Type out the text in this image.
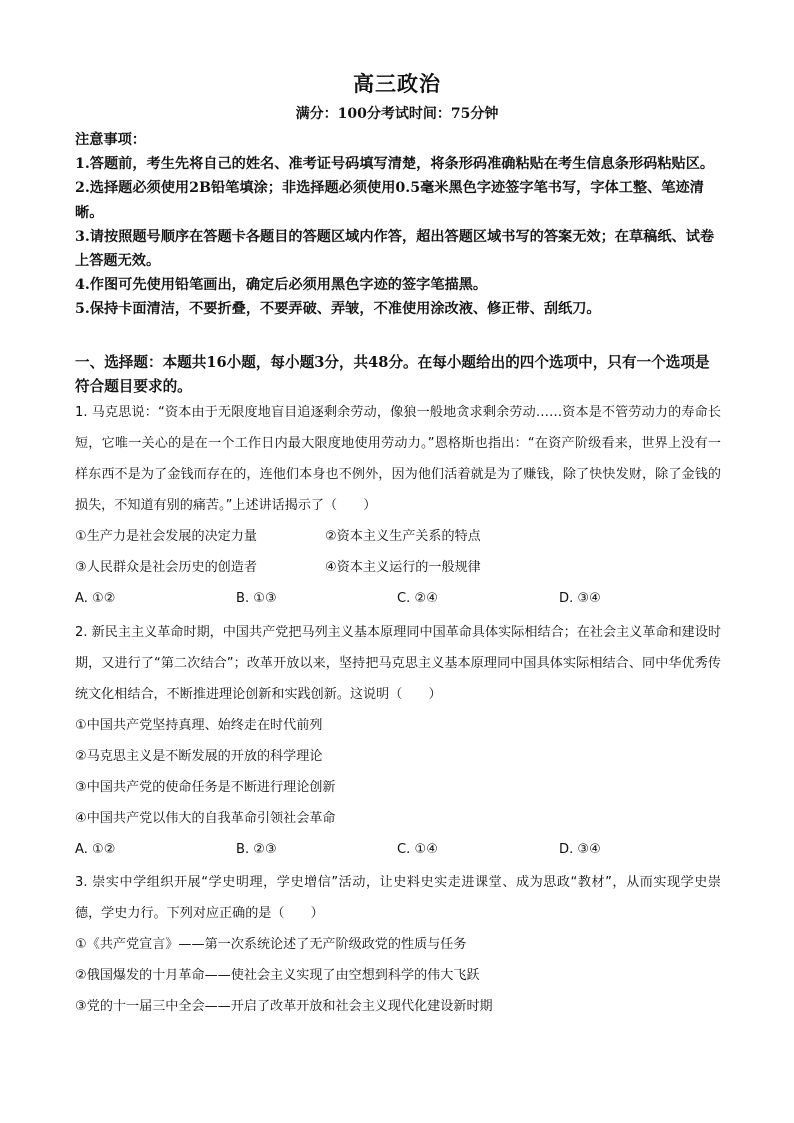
高三政治
满分：100分考试时间：75分钟

注意事项：

1.答题前，考生先将自己的姓名、准考证号码填写清楚，将条形码准确粘贴在考生信息条形码粘贴区。

2.选择题必须使用2B铅笔填涂；非选择题必须使用0.5毫米黑色字迹签字笔书写，字体工整、笔迹清晰。

3.请按照题号顺序在答题卡各题目的答题区域内作答，超出答题区域书写的答案无效；在草稿纸、试卷上答题无效。

4.作图可先使用铅笔画出，确定后必须用黑色字迹的签字笔描黑。

5.保持卡面清洁，不要折叠，不要弄破、弄皱，不准使用涂改液、修正带、刮纸刀。

一、选择题：本题共16小题，每小题3分，共48分。在每小题给出的四个选项中，只有一个选项是符合题目要求的。

1. 马克思说：“资本由于无限度地盲目追逐剩余劳动，像狼一般地贪求剩余劳动……资本是不管劳动力的寿命长短，它唯一关心的是在一个工作日内最大限度地使用劳动力。”恩格斯也指出：“在资产阶级看来，世界上没有一样东西不是为了金钱而存在的，连他们本身也不例外，因为他们活着就是为了赚钱，除了快快发财，除了金钱的损失，不知道有别的痛苦。”上述讲话揭示了（　　）

①生产力是社会发展的决定力量	②资本主义生产关系的特点
③人民群众是社会历史的创造者	④资本主义运行的一般规律
A. ①②	B. ①③	C. ②④	D. ③④

2. 新民主主义革命时期，中国共产党把马列主义基本原理同中国革命具体实际相结合；在社会主义革命和建设时期，又进行了“第二次结合”；改革开放以来，坚持把马克思主义基本原理同中国具体实际相结合、同中华优秀传统文化相结合，不断推进理论创新和实践创新。这说明（　　）

①中国共产党坚持真理、始终走在时代前列

②马克思主义是不断发展的开放的科学理论

③中国共产党的使命任务是不断进行理论创新

④中国共产党以伟大的自我革命引领社会革命

A. ①②	B. ②③	C. ①④	D. ③④

3. 崇实中学组织开展“学史明理，学史增信”活动，让史料史实走进课堂、成为思政“教材”，从而实现学史崇德，学史力行。下列对应正确的是（　　）

①《共产党宣言》——第一次系统论述了无产阶级政党的性质与任务

②俄国爆发的十月革命——使社会主义实现了由空想到科学的伟大飞跃

③党的十一届三中全会——开启了改革开放和社会主义现代化建设新时期
